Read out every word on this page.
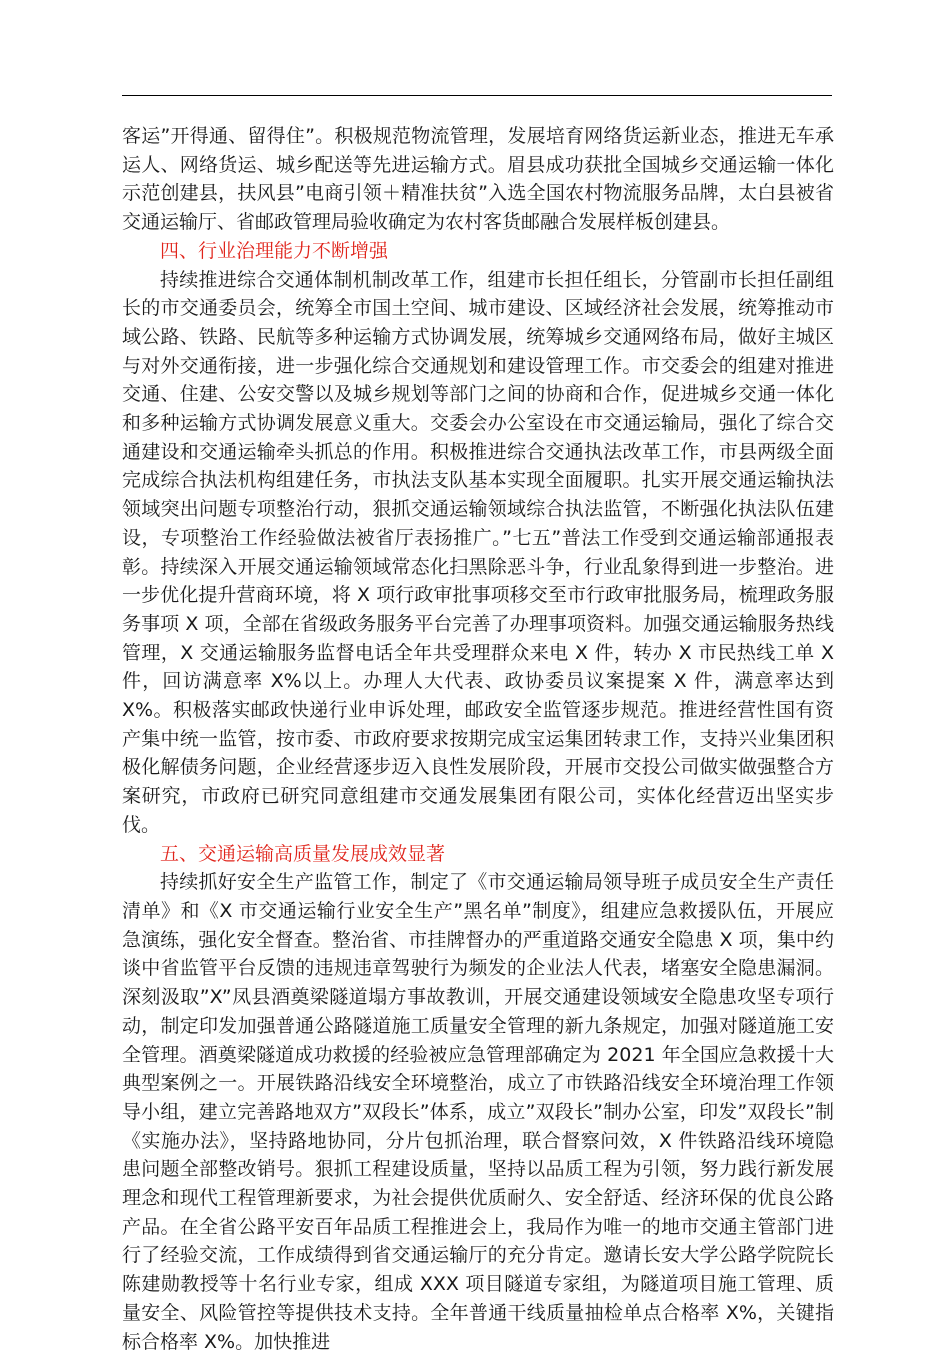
客运”开得通、留得住”。积极规范物流管理，发展培育网络货运新业态，推进无车承运人、网络货运、城乡配送等先进运输方式。眉县成功获批全国城乡交通运输一体化示范创建县，扶风县”电商引领＋精准扶贫”入选全国农村物流服务品牌，太白县被省交通运输厅、省邮政管理局验收确定为农村客货邮融合发展样板创建县。

四、行业治理能力不断增强

持续推进综合交通体制机制改革工作，组建市长担任组长，分管副市长担任副组长的市交通委员会，统筹全市国土空间、城市建设、区域经济社会发展，统筹推动市域公路、铁路、民航等多种运输方式协调发展，统筹城乡交通网络布局，做好主城区与对外交通衔接，进一步强化综合交通规划和建设管理工作。市交委会的组建对推进交通、住建、公安交警以及城乡规划等部门之间的协商和合作，促进城乡交通一体化和多种运输方式协调发展意义重大。交委会办公室设在市交通运输局，强化了综合交通建设和交通运输牵头抓总的作用。积极推进综合交通执法改革工作，市县两级全面完成综合执法机构组建任务，市执法支队基本实现全面履职。扎实开展交通运输执法领域突出问题专项整治行动，狠抓交通运输领域综合执法监管，不断强化执法队伍建设，专项整治工作经验做法被省厅表扬推广。”七五”普法工作受到交通运输部通报表彰。持续深入开展交通运输领域常态化扫黑除恶斗争，行业乱象得到进一步整治。进一步优化提升营商环境，将 X 项行政审批事项移交至市行政审批服务局，梳理政务服务事项 X 项，全部在省级政务服务平台完善了办理事项资料。加强交通运输服务热线管理，X 交通运输服务监督电话全年共受理群众来电 X 件，转办 X 市民热线工单 X 件，回访满意率 X%以上。办理人大代表、政协委员议案提案 X 件，满意率达到 X%。积极落实邮政快递行业申诉处理，邮政安全监管逐步规范。推进经营性国有资产集中统一监管，按市委、市政府要求按期完成宝运集团转隶工作，支持兴业集团积极化解债务问题，企业经营逐步迈入良性发展阶段，开展市交投公司做实做强整合方案研究，市政府已研究同意组建市交通发展集团有限公司，实体化经营迈出坚实步伐。

五、交通运输高质量发展成效显著

持续抓好安全生产监管工作，制定了《市交通运输局领导班子成员安全生产责任清单》和《X 市交通运输行业安全生产”黑名单”制度》，组建应急救援队伍，开展应急演练，强化安全督查。整治省、市挂牌督办的严重道路交通安全隐患 X 项，集中约谈中省监管平台反馈的违规违章驾驶行为频发的企业法人代表，堵塞安全隐患漏洞。深刻汲取”X”凤县酒奠梁隧道塌方事故教训，开展交通建设领域安全隐患攻坚专项行动，制定印发加强普通公路隧道施工质量安全管理的新九条规定，加强对隧道施工安全管理。酒奠梁隧道成功救援的经验被应急管理部确定为 2021 年全国应急救援十大典型案例之一。开展铁路沿线安全环境整治，成立了市铁路沿线安全环境治理工作领导小组，建立完善路地双方”双段长”体系，成立”双段长”制办公室，印发”双段长”制《实施办法》，坚持路地协同，分片包抓治理，联合督察问效，X 件铁路沿线环境隐患问题全部整改销号。狠抓工程建设质量，坚持以品质工程为引领，努力践行新发展理念和现代工程管理新要求，为社会提供优质耐久、安全舒适、经济环保的优良公路产品。在全省公路平安百年品质工程推进会上，我局作为唯一的地市交通主管部门进行了经验交流，工作成绩得到省交通运输厅的充分肯定。邀请长安大学公路学院院长陈建勋教授等十名行业专家，组成 XXX 项目隧道专家组，为隧道项目施工管理、质量安全、风险管控等提供技术支持。全年普通干线质量抽检单点合格率 X%，关键指标合格率 X%。加快推进
